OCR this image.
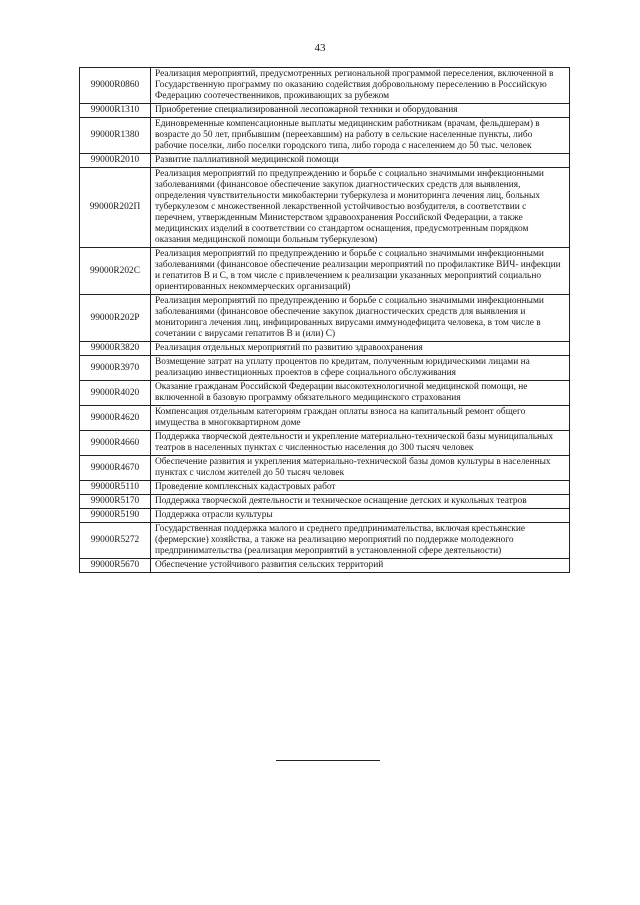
43
99000R0860	Реализация мероприятий, предусмотренных региональной программой переселения, включенной в Государственную программу по оказанию содействия добровольному переселению в Российскую Федерацию соотечественников, проживающих за рубежом
99000R1310	Приобретение специализированной лесопожарной техники и оборудования
99000R1380	Единовременные компенсационные выплаты медицинским работникам (врачам, фельдшерам) в возрасте до 50 лет, прибывшим (переехавшим) на работу в сельские населенные пункты, либо рабочие поселки, либо поселки городского типа, либо города с населением до 50 тыс. человек
99000R2010	Развитие паллиативной медицинской помощи
99000R202П	Реализация мероприятий по предупреждению и борьбе с социально значимыми инфекционными заболеваниями (финансовое обеспечение закупок диагностических средств для выявления, определения чувствительности микобактерии туберкулеза и мониторинга лечения лиц, больных туберкулезом с множественной лекарственной устойчивостью возбудителя, в соответствии с перечнем, утвержденным Министерством здравоохранения Российской Федерации, а также медицинских изделий в соответствии со стандартом оснащения, предусмотренным порядком оказания медицинской помощи больным туберкулезом)
99000R202С	Реализация мероприятий по предупреждению и борьбе с социально значимыми инфекционными заболеваниями (финансовое обеспечение реализации мероприятий по профилактике ВИЧ- инфекции и гепатитов В и С, в том числе с привлечением к реализации указанных мероприятий социально ориентированных некоммерческих организаций)
99000R202Р	Реализация мероприятий по предупреждению и борьбе с социально значимыми инфекционными заболеваниями (финансовое обеспечение закупок диагностических средств для выявления и мониторинга лечения лиц, инфицированных вирусами иммунодефицита человека, в том числе в сочетании с вирусами гепатитов В и (или) С)
99000R3820	Реализация отдельных мероприятий по развитию здравоохранения
99000R3970	Возмещение затрат на уплату процентов по кредитам, полученным юридическими лицами на реализацию инвестиционных проектов в сфере социального обслуживания
99000R4020	Оказание гражданам Российской Федерации высокотехнологичной медицинской помощи, не включенной в базовую программу обязательного медицинского страхования
99000R4620	Компенсация отдельным категориям граждан оплаты взноса на капитальный ремонт общего имущества в многоквартирном доме
99000R4660	Поддержка творческой деятельности и укрепление материально-технической базы муниципальных театров в населенных пунктах с численностью населения до 300 тысяч человек
99000R4670	Обеспечение развития и укрепления материально-технической базы домов культуры в населенных пунктах с числом жителей до 50 тысяч человек
99000R5110	Проведение комплексных кадастровых работ
99000R5170	Поддержка творческой деятельности и техническое оснащение детских и кукольных театров
99000R5190	Поддержка отрасли культуры
99000R5272	Государственная поддержка малого и среднего предпринимательства, включая крестьянские (фермерские) хозяйства, а также на реализацию мероприятий по поддержке молодежного предпринимательства (реализация мероприятий в установленной сфере деятельности)
99000R5670	Обеспечение устойчивого развития сельских территорий
